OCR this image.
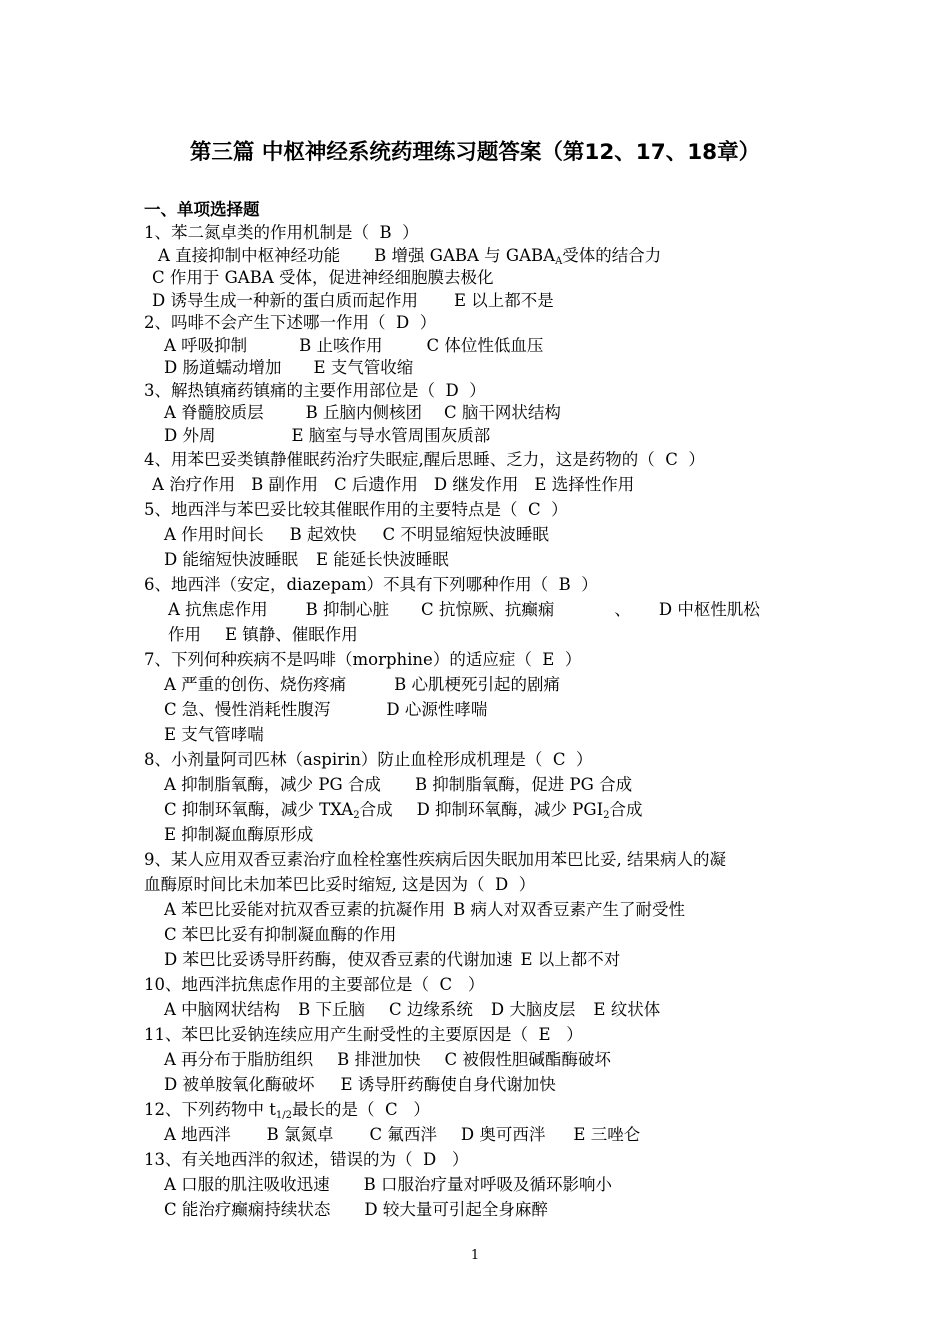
第三篇 中枢神经系统药理练习题答案（第12、17、18章）
一、单项选择题
1、苯二氮卓类的作用机制是（  B  ）
A 直接抑制中枢神经功能 B 增强 GABA 与 $GABA_A$受体的结合力
C 作用于 GABA 受体，促进神经细胞膜去极化
D 诱导生成一种新的蛋白质而起作用 E 以上都不是
2、吗啡不会产生下述哪一作用（  D  ）
A 呼吸抑制	B 止咳作用	C 体位性低血压
D 肠道蠕动增加 E 支气管收缩
3、解热镇痛药镇痛的主要作用部位是（  D  ）
A 脊髓胶质层	B 丘脑内侧核团 C 脑干网状结构
D 外周	E 脑室与导水管周围灰质部
4、用苯巴妥类镇静催眠药治疗失眠症,醒后思睡、乏力，这是药物的（  C  ）
A 治疗作用 B 副作用 C 后遗作用 D 继发作用 E 选择性作用
5、地西泮与苯巴妥比较其催眠作用的主要特点是（  C  ）
A 作用时间长 B 起效快 C 不明显缩短快波睡眠
D 能缩短快波睡眠 E 能延长快波睡眠
6、地西泮（安定，diazepam）不具有下列哪种作用（  B  ）
A 抗焦虑作用 B 抑制心脏 C 抗惊厥、抗癫痫	、 D 中枢性肌松
作用 E 镇静、催眠作用
7、下列何种疾病不是吗啡（morphine）的适应症（  E  ）
A 严重的创伤、烧伤疼痛	B 心肌梗死引起的剧痛
C 急、慢性消耗性腹泻	D 心源性哮喘
E 支气管哮喘
8、小剂量阿司匹林（aspirin）防止血栓形成机理是（  C  ）
A 抑制脂氧酶，减少 PG 合成 B 抑制脂氧酶，促进 PG 合成
C 抑制环氧酶，减少 $TXA_2$合成 D 抑制环氧酶，减少 $PGI_2$合成
E 抑制凝血酶原形成
9、某人应用双香豆素治疗血栓栓塞性疾病后因失眠加用苯巴比妥, 结果病人的凝
血酶原时间比未加苯巴比妥时缩短, 这是因为（  D  ）
A 苯巴比妥能对抗双香豆素的抗凝作用 B 病人对双香豆素产生了耐受性
C 苯巴比妥有抑制凝血酶的作用
D 苯巴比妥诱导肝药酶，使双香豆素的代谢加速 E 以上都不对
10、地西泮抗焦虑作用的主要部位是（  C   ）
A 中脑网状结构 B 下丘脑 C 边缘系统 D 大脑皮层 E 纹状体
11、苯巴比妥钠连续应用产生耐受性的主要原因是（  E   ）
A 再分布于脂肪组织 B 排泄加快 C 被假性胆碱酯酶破坏
D 被单胺氧化酶破坏 E 诱导肝药酶使自身代谢加快
12、下列药物中 $t_{1/2}$最长的是（  C   ）
A 地西泮 B 氯氮卓 C 氟西泮 D 奥可西泮 E 三唑仑
13、有关地西泮的叙述，错误的为（  D   ）
A 口服的肌注吸收迅速 B 口服治疗量对呼吸及循环影响小
C 能治疗癫痫持续状态 D 较大量可引起全身麻醉
1
